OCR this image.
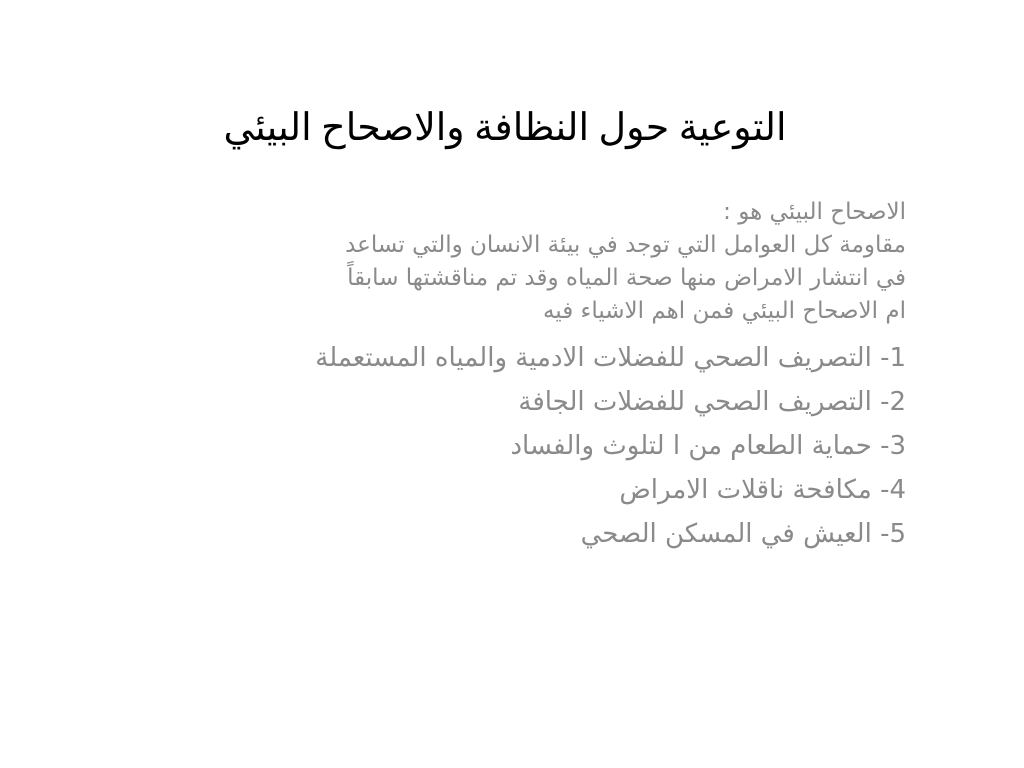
التوعية حول النظافة والاصحاح البيئي
الاصحاح البيئي هو :
مقاومة كل العوامل التي توجد في بيئة الانسان والتي تساعد
في انتشار الامراض منها صحة المياه وقد تم مناقشتها سابقاً
ام الاصحاح البيئي فمن اهم الاشياء فيه
1- التصريف الصحي للفضلات الادمية والمياه المستعملة
2- التصريف الصحي للفضلات الجافة
3- حماية الطعام من ا لتلوث والفساد
4- مكافحة ناقلات الامراض
5- العيش في المسكن الصحي
